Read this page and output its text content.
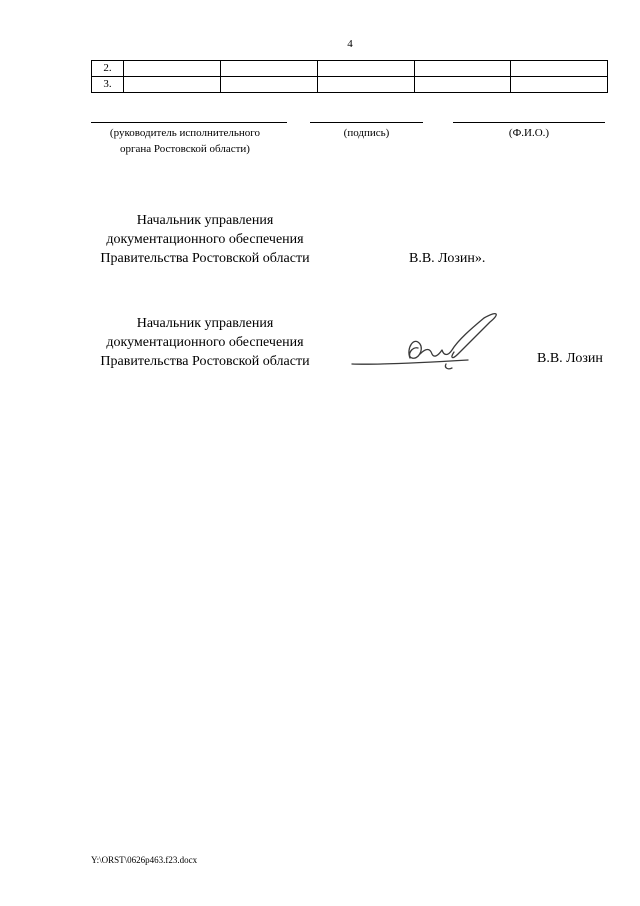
4
2.					
3.					
(руководитель исполнительного
органа Ростовской области)
(подпись)	(Ф.И.О.)
Начальник управления
документационного обеспечения
Правительства Ростовской области	В.В. Лозин».
Начальник управления
документационного обеспечения
Правительства Ростовской области	В.В. Лозин
Y:\ORST\0626p463.f23.docx
